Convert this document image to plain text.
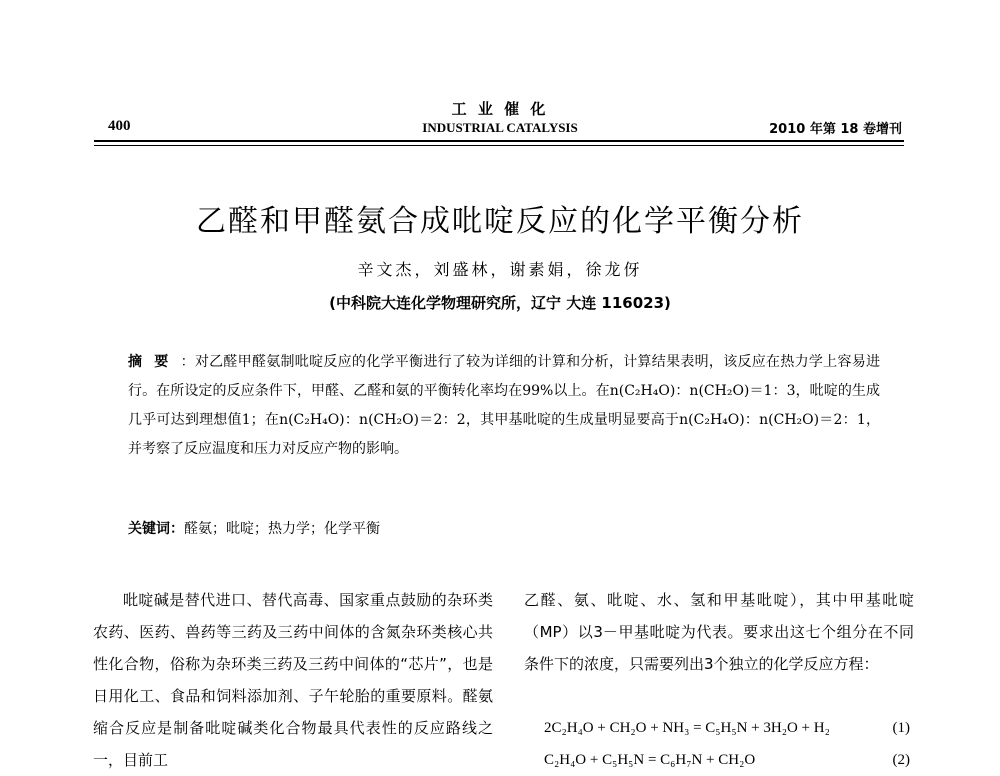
工 业 催 化
INDUSTRIAL CATALYSIS
400	2010 年第 18 卷增刊
乙醛和甲醛氨合成吡啶反应的化学平衡分析
辛文杰，刘盛林，谢素娟，徐龙伢
(中科院大连化学物理研究所，辽宁 大连 116023)
摘要：对乙醛甲醛氨制吡啶反应的化学平衡进行了较为详细的计算和分析，计算结果表明，该反应在热力学上容易进行。在所设定的反应条件下，甲醛、乙醛和氨的平衡转化率均在99%以上。在n(C₂H₄O)：n(CH₂O)＝1：3，吡啶的生成几乎可达到理想值1；在n(C₂H₄O)：n(CH₂O)＝2：2，其甲基吡啶的生成量明显要高于n(C₂H₄O)：n(CH₂O)＝2：1，并考察了反应温度和压力对反应产物的影响。
关键词：醛氨；吡啶；热力学；化学平衡

吡啶碱是替代进口、替代高毒、国家重点鼓励的杂环类农药、医药、兽药等三药及三药中间体的含氮杂环类核心共性化合物，俗称为杂环类三药及三药中间体的“芯片”，也是日用化工、食品和饲料添加剂、子午轮胎的重要原料。醛氨缩合反应是制备吡啶碱类化合物最具代表性的反应路线之一，目前工

乙醛、氨、吡啶、水、氢和甲基吡啶），其中甲基吡啶（MP）以3－甲基吡啶为代表。要求出这七个组分在不同条件下的浓度，只需要列出3个独立的化学反应方程：

2C₂H₄O + CH₂O + NH₃ = C₅H₅N + 3H₂O + H₂	(1)
C₂H₄O + C₅H₅N = C₆H₇N + CH₂O	(2)
